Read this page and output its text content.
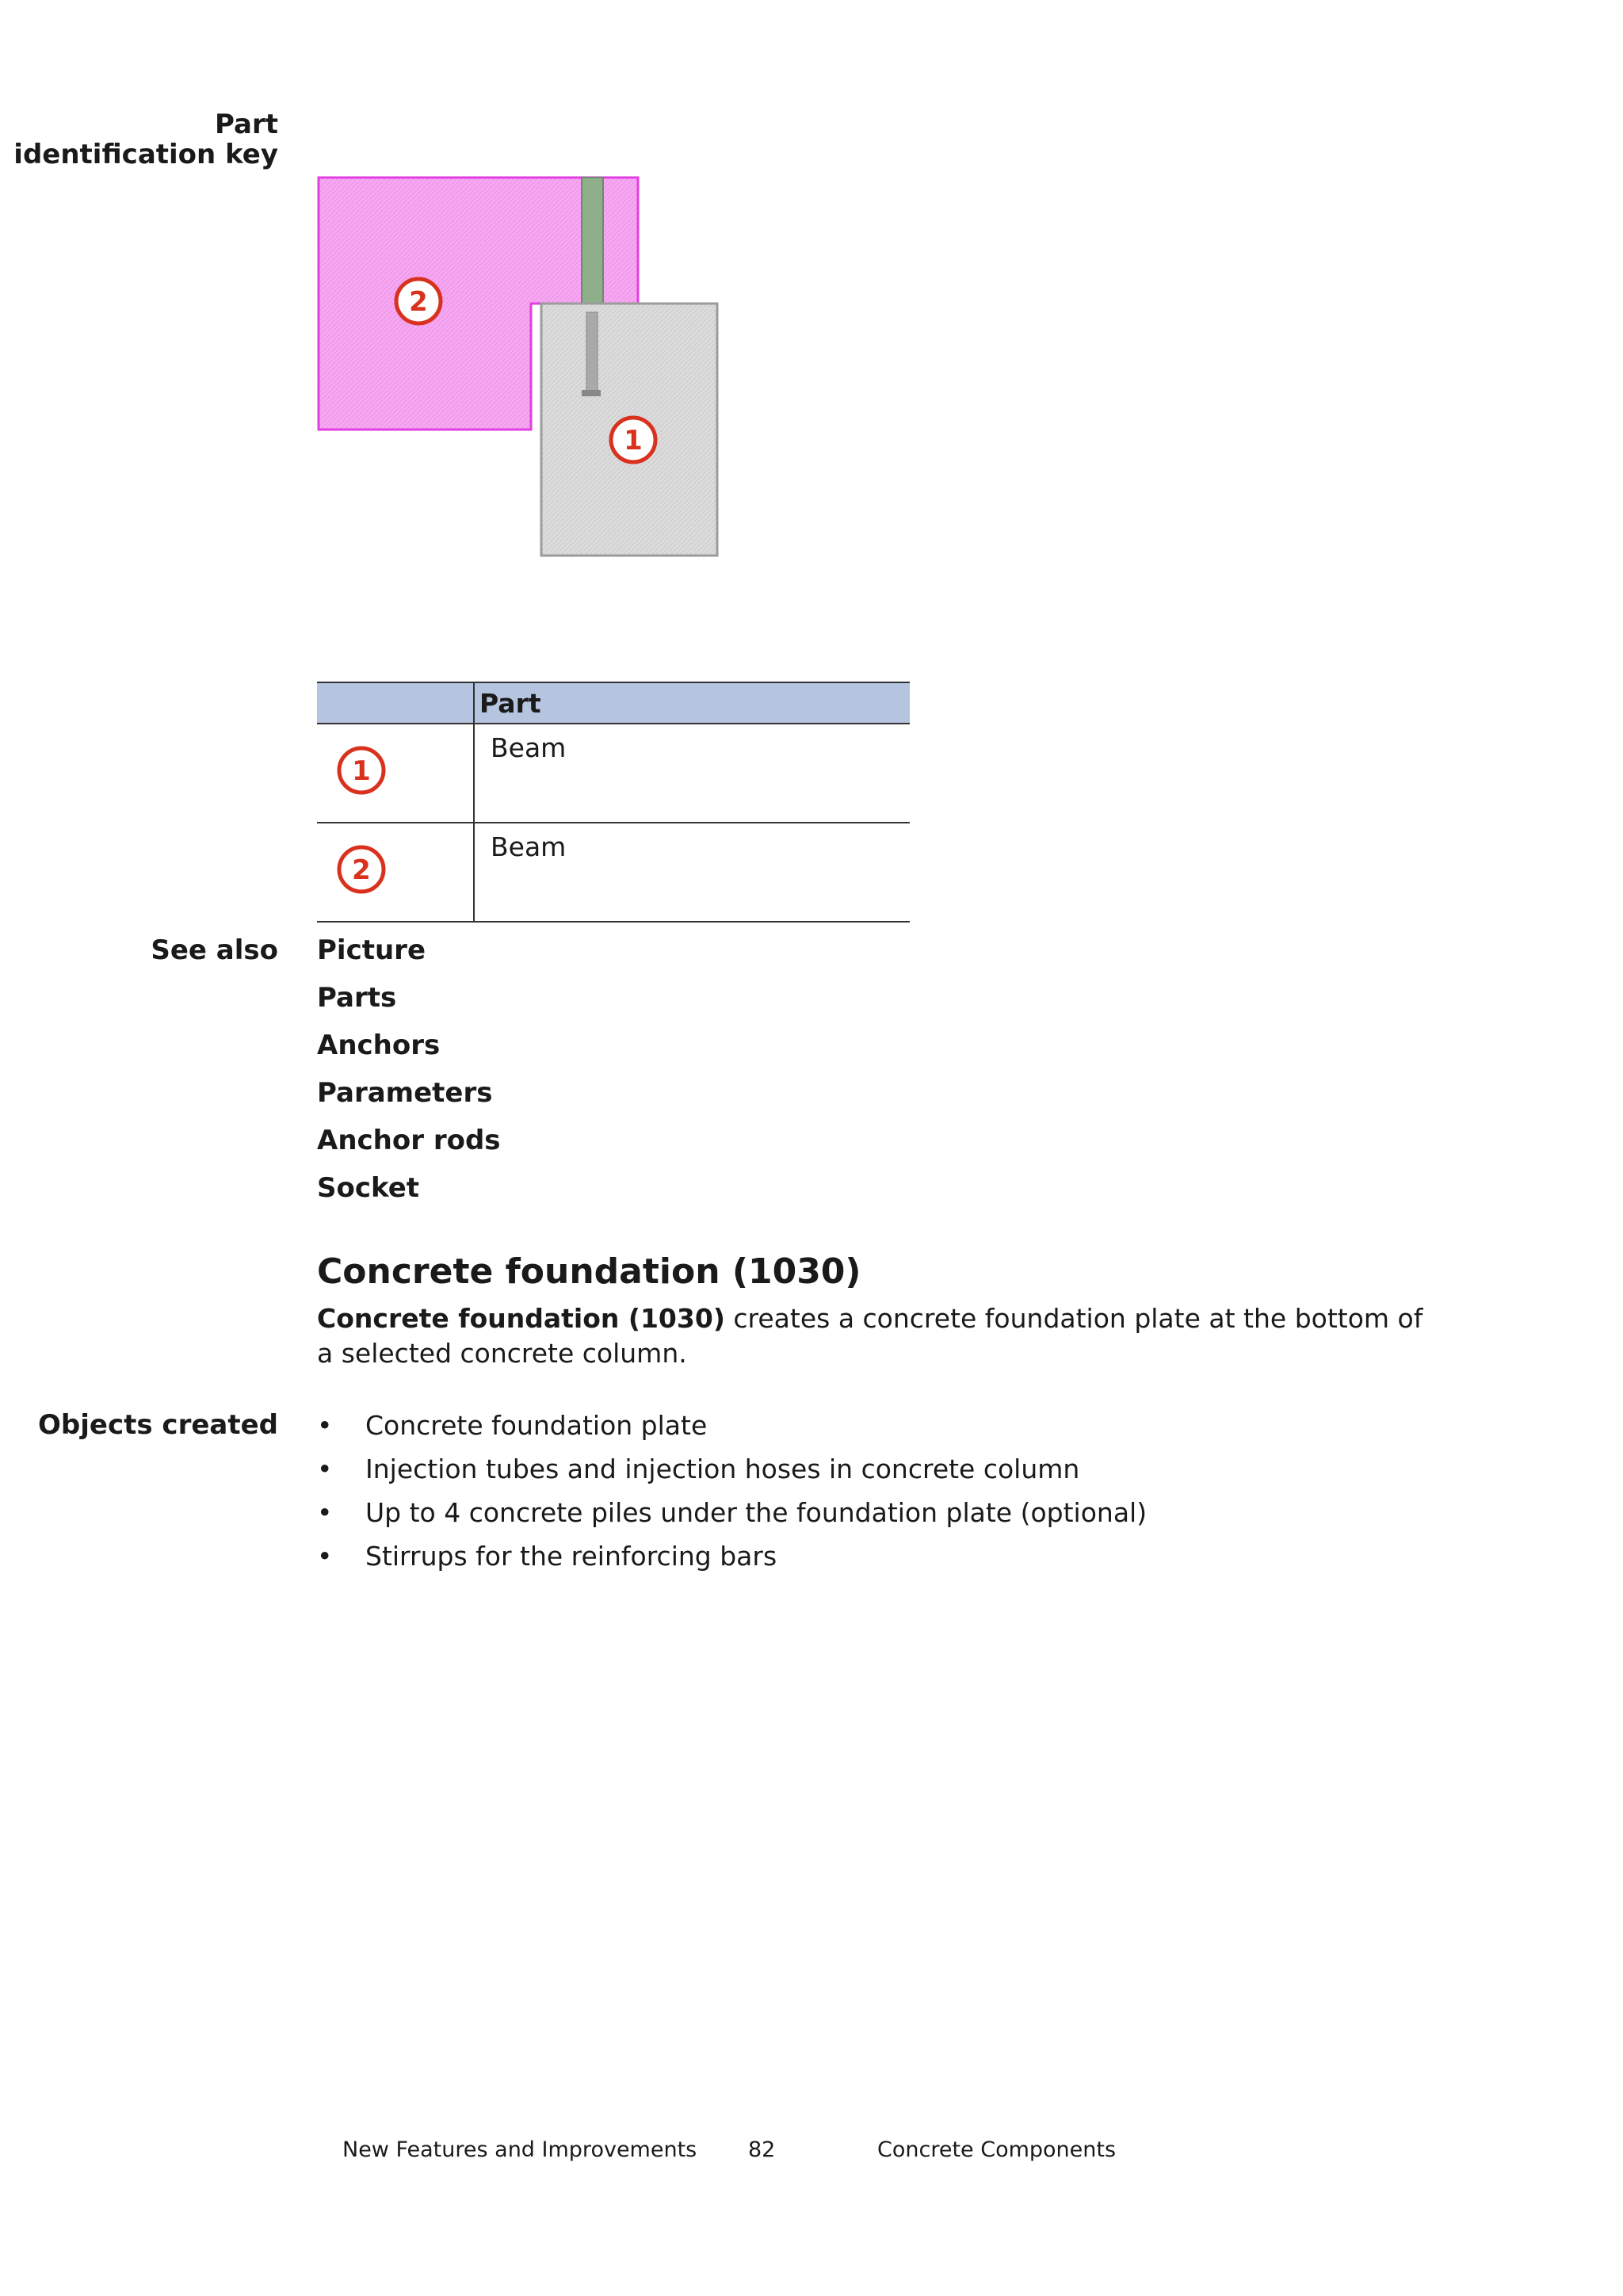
Part
identification key
See also
Objects created
2
1
	Part

1	Beam

2	Beam
Picture
Parts
Anchors
Parameters
Anchor rods
Socket
Concrete foundation (1030)

Concrete foundation (1030) creates a concrete foundation plate at the bottom of a selected concrete column.

• Concrete foundation plate
• Injection tubes and injection hoses in concrete column
• Up to 4 concrete piles under the foundation plate (optional)
• Stirrups for the reinforcing bars
New Features and Improvements 82	Concrete Components
